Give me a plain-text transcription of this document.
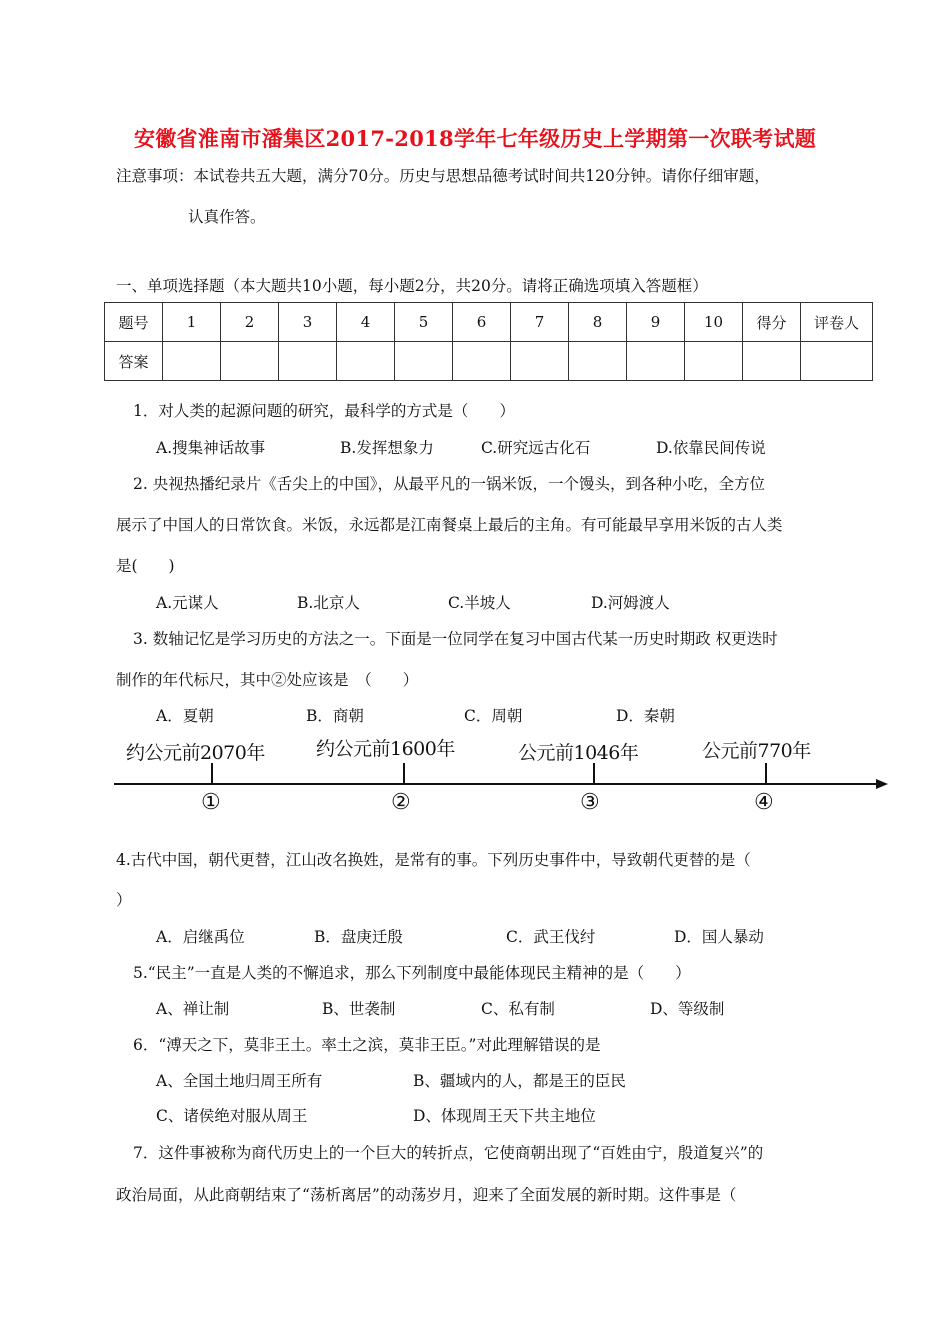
安徽省淮南市潘集区2017-2018学年七年级历史上学期第一次联考试题
注意事项：本试卷共五大题，满分70分。历史与思想品德考试时间共120分钟。请你仔细审题，
认真作答。
一、单项选择题（本大题共10小题，每小题2分，共20分。请将正确选项填入答题框）
题号	1	2	3	4	5	6	7	8	9	10	得分	评卷人
答案												
1．对人类的起源问题的研究，最科学的方式是（　　）
A.搜集神话故事	B.发挥想象力	C.研究远古化石	D.依靠民间传说
2. 央视热播纪录片《舌尖上的中国》，从最平凡的一锅米饭，一个馒头，到各种小吃，全方位
展示了中国人的日常饮食。米饭，永远都是江南餐桌上最后的主角。有可能最早享用米饭的古人类
是(　　)
A.元谋人	B.北京人	C.半坡人	D.河姆渡人
3. 数轴记忆是学习历史的方法之一。下面是一位同学在复习中国古代某一历史时期政 权更迭时
制作的年代标尺，其中②处应该是　（　　）
A．夏朝	B．商朝	C．周朝	D．秦朝
约公元前2070年	约公元前1600年	公元前1046年	公元前770年
①	②	③	④
4.古代中国，朝代更替，江山改名换姓，是常有的事。下列历史事件中，导致朝代更替的是（
）
A．启继禹位	B．盘庚迁殷	C．武王伐纣	D．国人暴动
5.“民主”一直是人类的不懈追求，那么下列制度中最能体现民主精神的是（　　）
A、禅让制	B、世袭制	C、私有制	D、等级制
6．“溥天之下，莫非王土。率土之滨，莫非王臣。”对此理解错误的是
A、全国土地归周王所有	B、疆域内的人，都是王的臣民
C、诸侯绝对服从周王	D、体现周王天下共主地位
7．这件事被称为商代历史上的一个巨大的转折点，它使商朝出现了“百姓由宁，殷道复兴”的
政治局面，从此商朝结束了“荡析离居”的动荡岁月，迎来了全面发展的新时期。这件事是（
